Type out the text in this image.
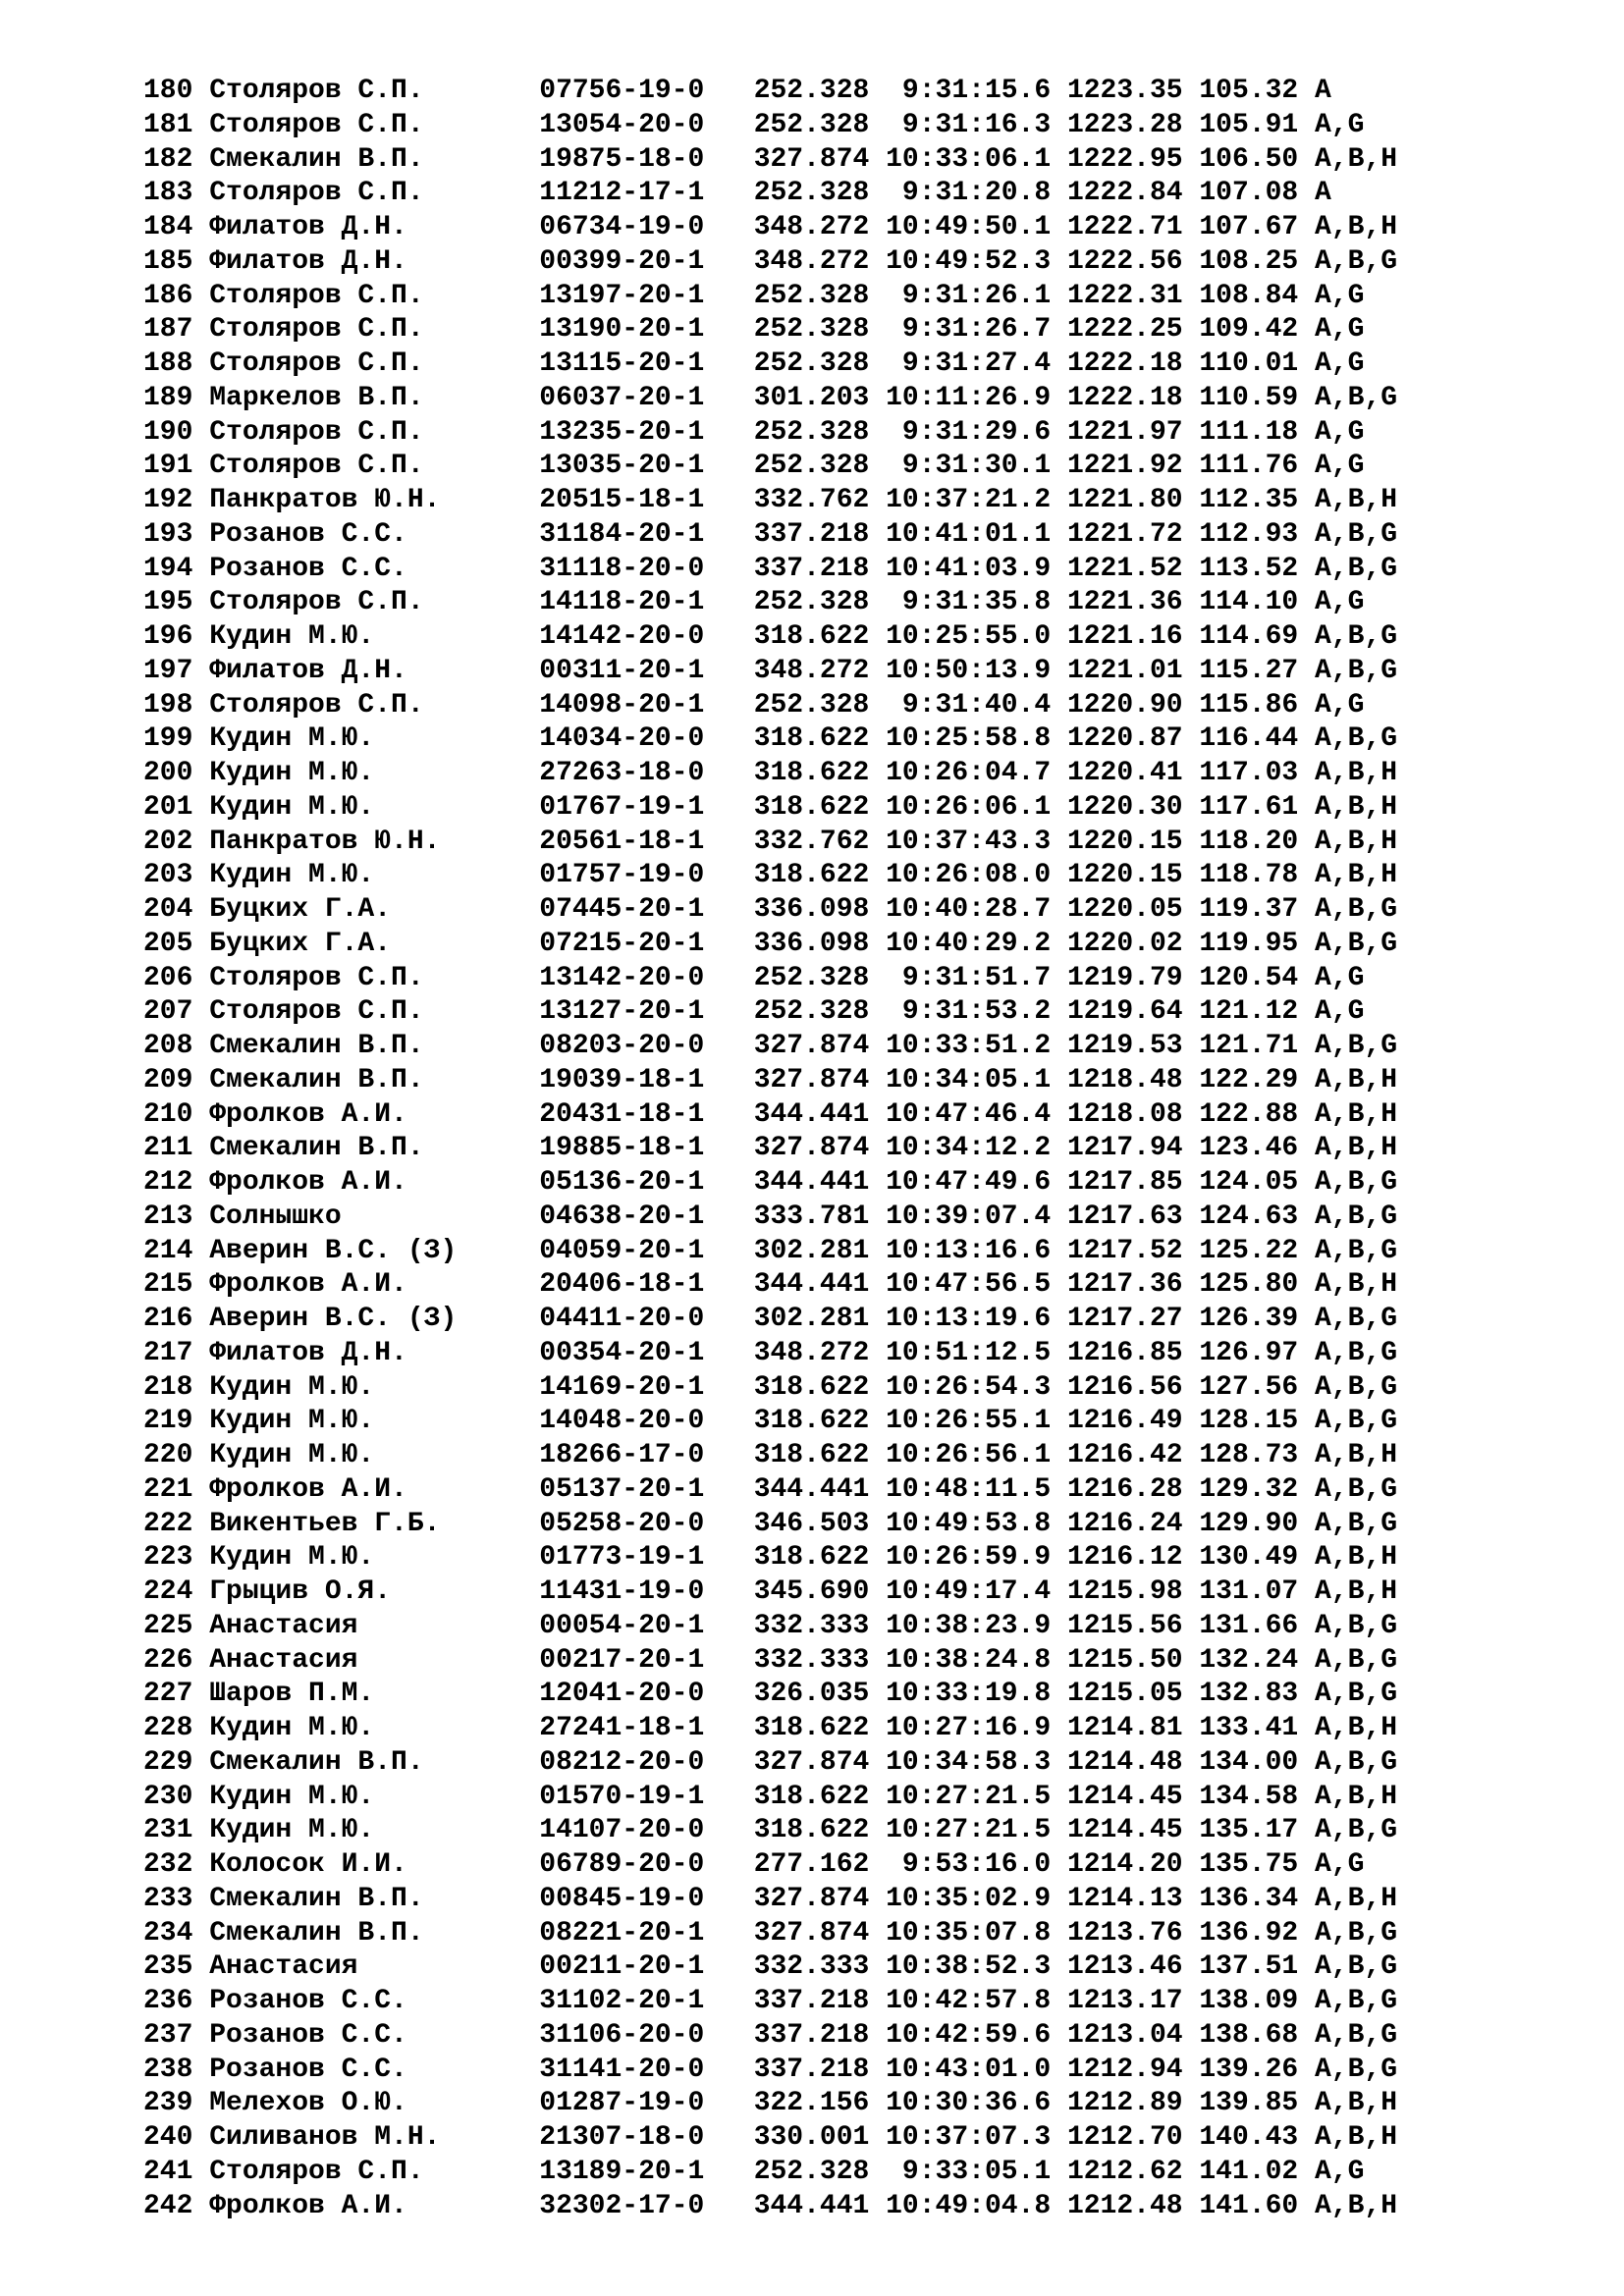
180 Столяров С.П.       07756-19-0   252.328  9:31:15.6 1223.35 105.32 A
181 Столяров С.П.       13054-20-0   252.328  9:31:16.3 1223.28 105.91 A,G
182 Смекалин В.П.       19875-18-0   327.874 10:33:06.1 1222.95 106.50 A,B,H
183 Столяров С.П.       11212-17-1   252.328  9:31:20.8 1222.84 107.08 A
184 Филатов Д.Н.        06734-19-0   348.272 10:49:50.1 1222.71 107.67 A,B,H
185 Филатов Д.Н.        00399-20-1   348.272 10:49:52.3 1222.56 108.25 A,B,G
186 Столяров С.П.       13197-20-1   252.328  9:31:26.1 1222.31 108.84 A,G
187 Столяров С.П.       13190-20-1   252.328  9:31:26.7 1222.25 109.42 A,G
188 Столяров С.П.       13115-20-1   252.328  9:31:27.4 1222.18 110.01 A,G
189 Маркелов В.П.       06037-20-1   301.203 10:11:26.9 1222.18 110.59 A,B,G
190 Столяров С.П.       13235-20-1   252.328  9:31:29.6 1221.97 111.18 A,G
191 Столяров С.П.       13035-20-1   252.328  9:31:30.1 1221.92 111.76 A,G
192 Панкратов Ю.Н.      20515-18-1   332.762 10:37:21.2 1221.80 112.35 A,B,H
193 Розанов С.С.        31184-20-1   337.218 10:41:01.1 1221.72 112.93 A,B,G
194 Розанов С.С.        31118-20-0   337.218 10:41:03.9 1221.52 113.52 A,B,G
195 Столяров С.П.       14118-20-1   252.328  9:31:35.8 1221.36 114.10 A,G
196 Кудин М.Ю.          14142-20-0   318.622 10:25:55.0 1221.16 114.69 A,B,G
197 Филатов Д.Н.        00311-20-1   348.272 10:50:13.9 1221.01 115.27 A,B,G
198 Столяров С.П.       14098-20-1   252.328  9:31:40.4 1220.90 115.86 A,G
199 Кудин М.Ю.          14034-20-0   318.622 10:25:58.8 1220.87 116.44 A,B,G
200 Кудин М.Ю.          27263-18-0   318.622 10:26:04.7 1220.41 117.03 A,B,H
201 Кудин М.Ю.          01767-19-1   318.622 10:26:06.1 1220.30 117.61 A,B,H
202 Панкратов Ю.Н.      20561-18-1   332.762 10:37:43.3 1220.15 118.20 A,B,H
203 Кудин М.Ю.          01757-19-0   318.622 10:26:08.0 1220.15 118.78 A,B,H
204 Буцких Г.А.         07445-20-1   336.098 10:40:28.7 1220.05 119.37 A,B,G
205 Буцких Г.А.         07215-20-1   336.098 10:40:29.2 1220.02 119.95 A,B,G
206 Столяров С.П.       13142-20-0   252.328  9:31:51.7 1219.79 120.54 A,G
207 Столяров С.П.       13127-20-1   252.328  9:31:53.2 1219.64 121.12 A,G
208 Смекалин В.П.       08203-20-0   327.874 10:33:51.2 1219.53 121.71 A,B,G
209 Смекалин В.П.       19039-18-1   327.874 10:34:05.1 1218.48 122.29 A,B,H
210 Фролков А.И.        20431-18-1   344.441 10:47:46.4 1218.08 122.88 A,B,H
211 Смекалин В.П.       19885-18-1   327.874 10:34:12.2 1217.94 123.46 A,B,H
212 Фролков А.И.        05136-20-1   344.441 10:47:49.6 1217.85 124.05 A,B,G
213 Солнышко            04638-20-1   333.781 10:39:07.4 1217.63 124.63 A,B,G
214 Аверин В.С. (З)     04059-20-1   302.281 10:13:16.6 1217.52 125.22 A,B,G
215 Фролков А.И.        20406-18-1   344.441 10:47:56.5 1217.36 125.80 A,B,H
216 Аверин В.С. (З)     04411-20-0   302.281 10:13:19.6 1217.27 126.39 A,B,G
217 Филатов Д.Н.        00354-20-1   348.272 10:51:12.5 1216.85 126.97 A,B,G
218 Кудин М.Ю.          14169-20-1   318.622 10:26:54.3 1216.56 127.56 A,B,G
219 Кудин М.Ю.          14048-20-0   318.622 10:26:55.1 1216.49 128.15 A,B,G
220 Кудин М.Ю.          18266-17-0   318.622 10:26:56.1 1216.42 128.73 A,B,H
221 Фролков А.И.        05137-20-1   344.441 10:48:11.5 1216.28 129.32 A,B,G
222 Викентьев Г.Б.      05258-20-0   346.503 10:49:53.8 1216.24 129.90 A,B,G
223 Кудин М.Ю.          01773-19-1   318.622 10:26:59.9 1216.12 130.49 A,B,H
224 Грыцив О.Я.         11431-19-0   345.690 10:49:17.4 1215.98 131.07 A,B,H
225 Анастасия           00054-20-1   332.333 10:38:23.9 1215.56 131.66 A,B,G
226 Анастасия           00217-20-1   332.333 10:38:24.8 1215.50 132.24 A,B,G
227 Шаров П.М.          12041-20-0   326.035 10:33:19.8 1215.05 132.83 A,B,G
228 Кудин М.Ю.          27241-18-1   318.622 10:27:16.9 1214.81 133.41 A,B,H
229 Смекалин В.П.       08212-20-0   327.874 10:34:58.3 1214.48 134.00 A,B,G
230 Кудин М.Ю.          01570-19-1   318.622 10:27:21.5 1214.45 134.58 A,B,H
231 Кудин М.Ю.          14107-20-0   318.622 10:27:21.5 1214.45 135.17 A,B,G
232 Колосок И.И.        06789-20-0   277.162  9:53:16.0 1214.20 135.75 A,G
233 Смекалин В.П.       00845-19-0   327.874 10:35:02.9 1214.13 136.34 A,B,H
234 Смекалин В.П.       08221-20-1   327.874 10:35:07.8 1213.76 136.92 A,B,G
235 Анастасия           00211-20-1   332.333 10:38:52.3 1213.46 137.51 A,B,G
236 Розанов С.С.        31102-20-1   337.218 10:42:57.8 1213.17 138.09 A,B,G
237 Розанов С.С.        31106-20-0   337.218 10:42:59.6 1213.04 138.68 A,B,G
238 Розанов С.С.        31141-20-0   337.218 10:43:01.0 1212.94 139.26 A,B,G
239 Мелехов О.Ю.        01287-19-0   322.156 10:30:36.6 1212.89 139.85 A,B,H
240 Силиванов М.Н.      21307-18-0   330.001 10:37:07.3 1212.70 140.43 A,B,H
241 Столяров С.П.       13189-20-1   252.328  9:33:05.1 1212.62 141.02 A,G
242 Фролков А.И.        32302-17-0   344.441 10:49:04.8 1212.48 141.60 A,B,H
